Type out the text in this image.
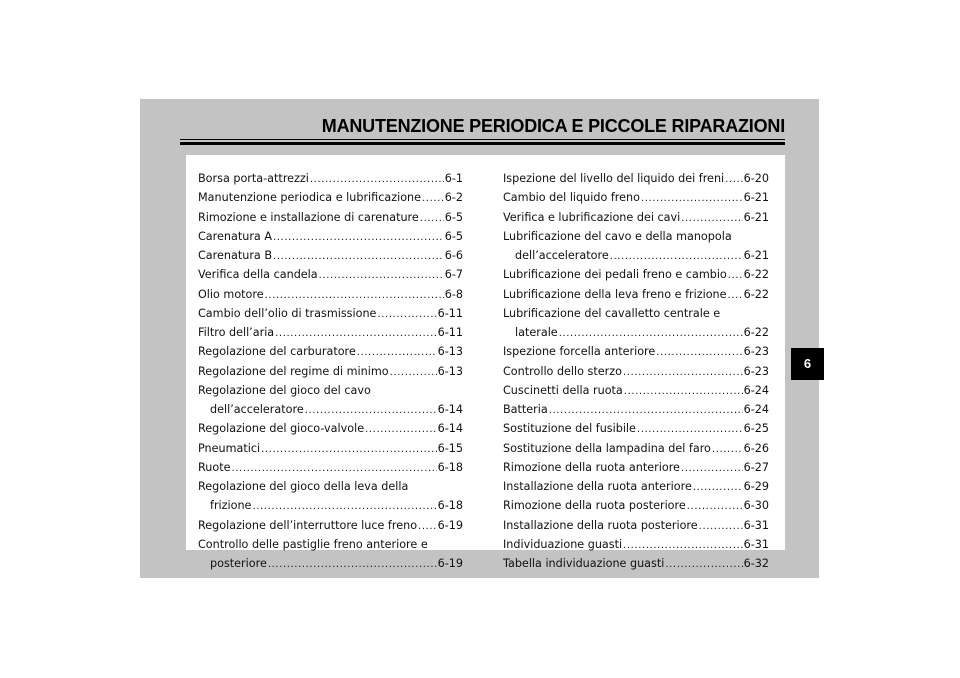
MANUTENZIONE PERIODICA E PICCOLE RIPARAZIONI
Borsa porta-attrezzi .....	6-1
Manutenzione periodica e lubrificazione ..... 6-2
Rimozione e installazione di carenature ..... 6-5
Carenatura A .....	6-5
Carenatura B .....	6-6
Verifica della candela .....	6-7
Olio motore .....	6-8
Cambio dell’olio di trasmissione .....	6-11
Filtro dell’aria .....	6-11
Regolazione del carburatore .....	6-13
Regolazione del regime di minimo .....	6-13
Regolazione del gioco del cavo
dell’acceleratore .....	6-14
Regolazione del gioco-valvole .....	6-14
Pneumatici .....	6-15
Ruote .....	6-18
Regolazione del gioco della leva della
frizione .....	6-18
Regolazione dell’interruttore luce freno ..... 6-19
Controllo delle pastiglie freno anteriore e
posteriore .....	6-19
Ispezione del livello del liquido dei freni ..... 6-20
Cambio del liquido freno .....	6-21
Verifica e lubrificazione dei cavi .....	6-21
Lubrificazione del cavo e della manopola
dell’acceleratore .....	6-21
Lubrificazione dei pedali freno e cambio ..... 6-22
Lubrificazione della leva freno e frizione ..... 6-22
Lubrificazione del cavalletto centrale e
laterale .....	6-22
Ispezione forcella anteriore .....	6-23
Controllo dello sterzo .....	6-23
Cuscinetti della ruota .....	6-24
Batteria .....	6-24
Sostituzione del fusibile .....	6-25
Sostituzione della lampadina del faro .....	6-26
Rimozione della ruota anteriore .....	6-27
Installazione della ruota anteriore .....	6-29
Rimozione della ruota posteriore .....	6-30
Installazione della ruota posteriore .....	6-31
Individuazione guasti .....	6-31
Tabella individuazione guasti .....	6-32
6
